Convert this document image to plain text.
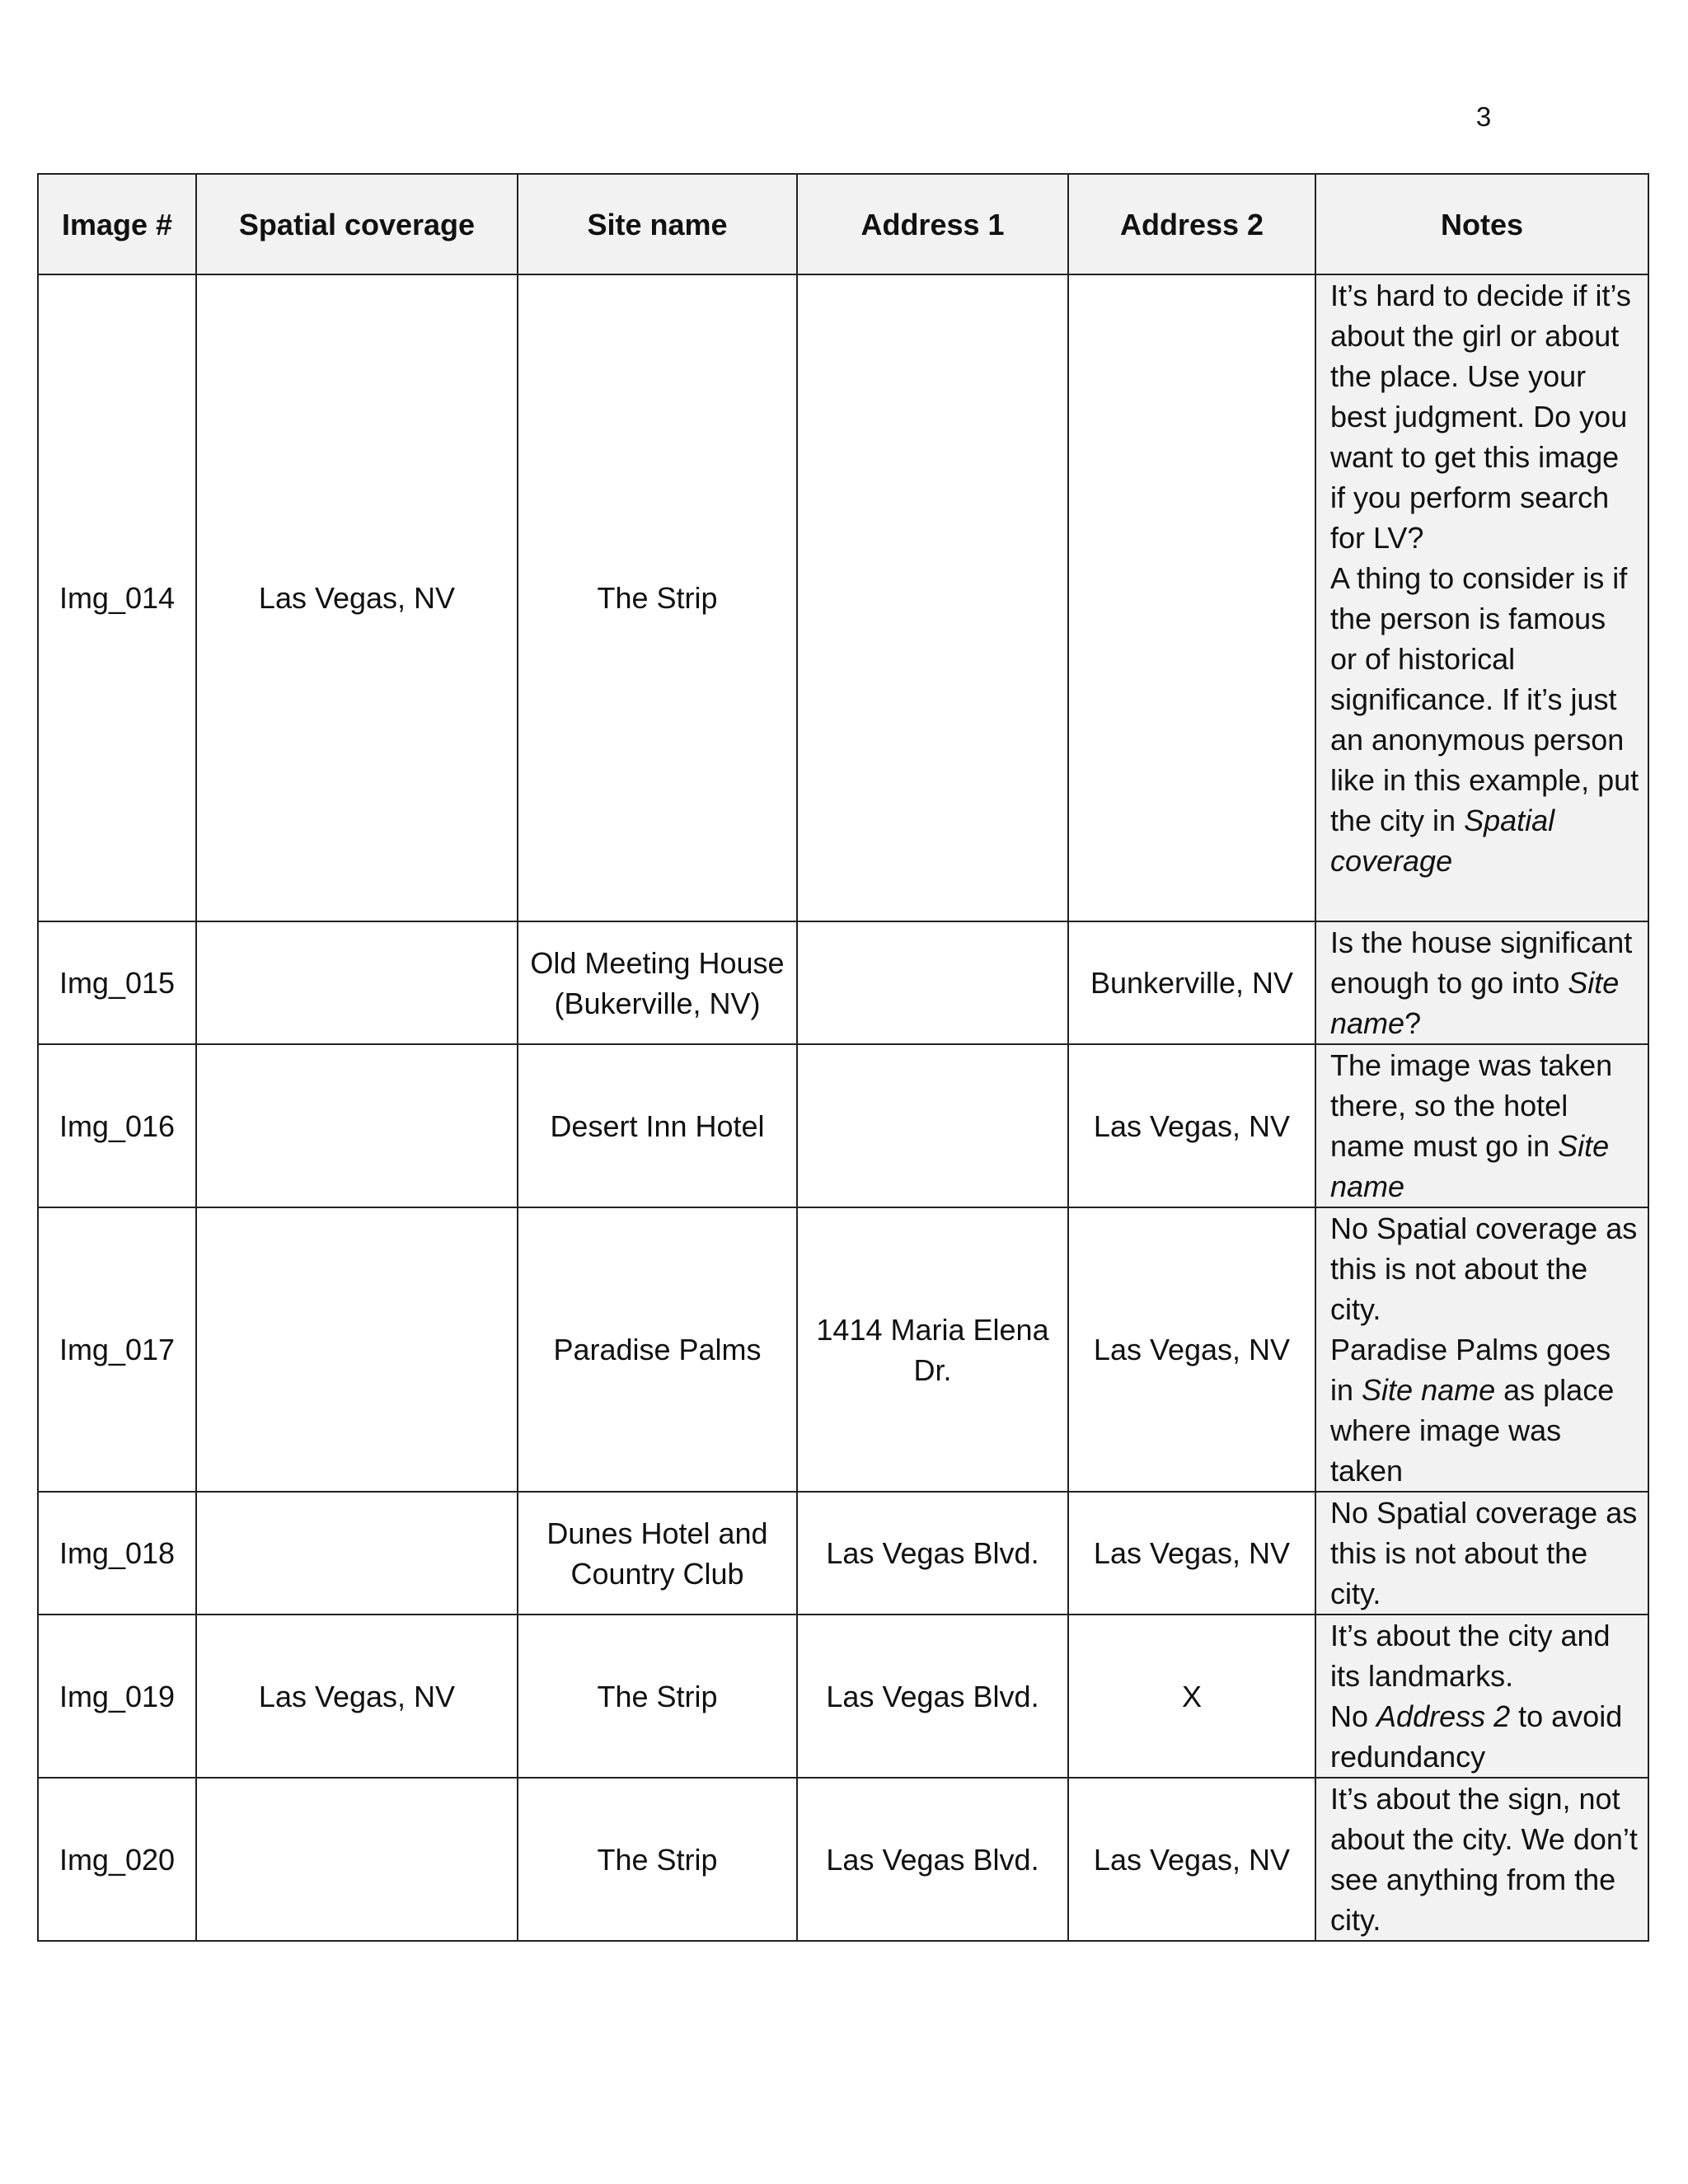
3
Image #	Spatial coverage	Site name	Address 1	Address 2	Notes
Img_014	Las Vegas, NV	The Strip			It’s hard to decide if it’s about the girl or about the place. Use your best judgment. Do you want to get this image if you perform search for LV?
A thing to consider is if the person is famous or of historical significance. If it’s just an anonymous person like in this example, put the city in Spatial coverage

Img_015		Old Meeting House (Bukerville, NV)		Bunkerville, NV	Is the house significant enough to go into Site name?

Img_016		Desert Inn Hotel		Las Vegas, NV	The image was taken there, so the hotel name must go in Site name

Img_017		Paradise Palms	1414 Maria Elena Dr.	Las Vegas, NV	No Spatial coverage as this is not about the city.
Paradise Palms goes in Site name as place where image was taken

Img_018		Dunes Hotel and Country Club	Las Vegas Blvd.	Las Vegas, NV	No Spatial coverage as this is not about the city.

Img_019	Las Vegas, NV	The Strip	Las Vegas Blvd.	X	It’s about the city and its landmarks.
No Address 2 to avoid redundancy

Img_020		The Strip	Las Vegas Blvd.	Las Vegas, NV	It’s about the sign, not about the city. We don’t see anything from the city.
